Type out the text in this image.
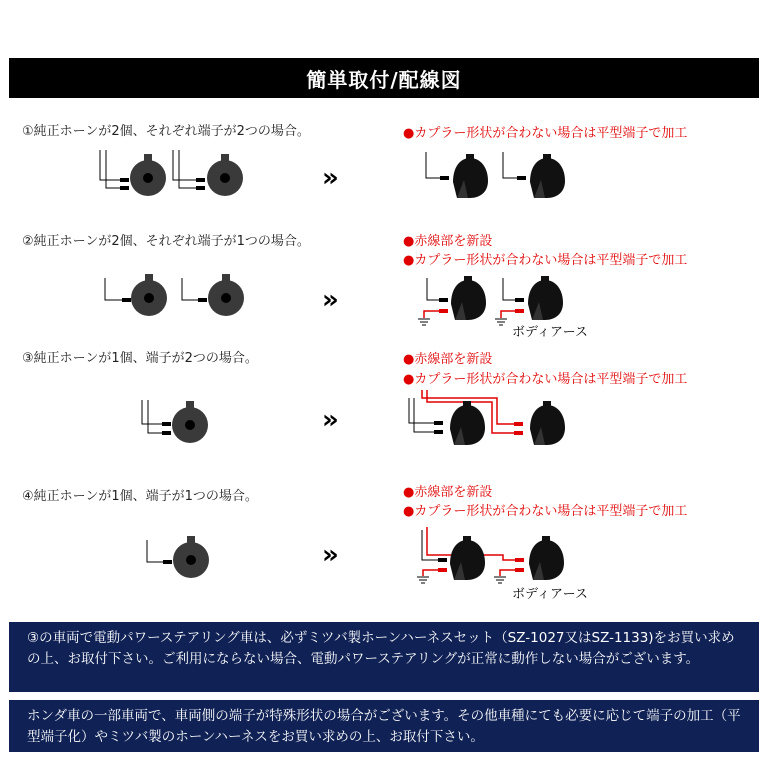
簡単取付/配線図
①純正ホーンが2個、それぞれ端子が2つの場合。
②純正ホーンが2個、それぞれ端子が1つの場合。
③純正ホーンが1個、端子が2つの場合。
④純正ホーンが1個、端子が1つの場合。
●カプラー形状が合わない場合は平型端子で加工
●赤線部を新設
●カプラー形状が合わない場合は平型端子で加工
●赤線部を新設
●カプラー形状が合わない場合は平型端子で加工
●赤線部を新設
●カプラー形状が合わない場合は平型端子で加工
»
»
»
»
ボディアース
ボディアース
③の車両で電動パワーステアリング車は、必ずミツバ製ホーンハーネスセット（SZ-1027又はSZ-1133)をお買い求めの上、お取付下さい。ご利用にならない場合、電動パワーステアリングが正常に動作しない場合がございます。
ホンダ車の一部車両で、車両側の端子が特殊形状の場合がございます。その他車種にても必要に応じて端子の加工（平型端子化）やミツバ製のホーンハーネスをお買い求めの上、お取付下さい。
